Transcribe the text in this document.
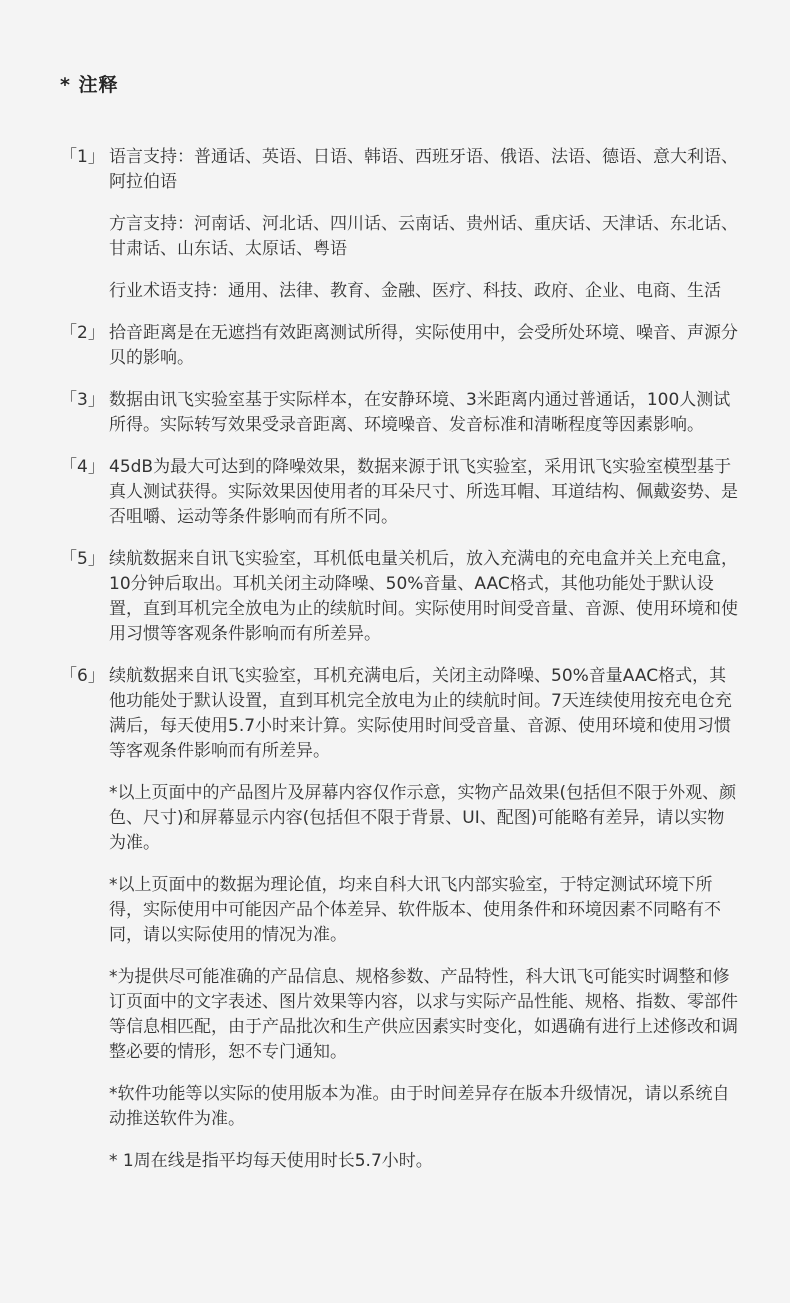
* 注释
「1」 语言支持：普通话、英语、日语、韩语、西班牙语、俄语、法语、德语、意大利语、阿拉伯语

方言支持：河南话、河北话、四川话、云南话、贵州话、重庆话、天津话、东北话、甘肃话、山东话、太原话、粤语

行业术语支持：通用、法律、教育、金融、医疗、科技、政府、企业、电商、生活

「2」 拾音距离是在无遮挡有效距离测试所得，实际使用中，会受所处环境、噪音、声源分贝的影响。

「3」 数据由讯飞实验室基于实际样本，在安静环境、3米距离内通过普通话，100人测试所得。实际转写效果受录音距离、环境噪音、发音标准和清晰程度等因素影响。

「4」 45dB为最大可达到的降噪效果，数据来源于讯飞实验室，采用讯飞实验室模型基于真人测试获得。实际效果因使用者的耳朵尺寸、所选耳帽、耳道结构、佩戴姿势、是否咀嚼、运动等条件影响而有所不同。

「5」 续航数据来自讯飞实验室，耳机低电量关机后，放入充满电的充电盒并关上充电盒，10分钟后取出。耳机关闭主动降噪、50%音量、AAC格式，其他功能处于默认设置，直到耳机完全放电为止的续航时间。实际使用时间受音量、音源、使用环境和使用习惯等客观条件影响而有所差异。

「6」 续航数据来自讯飞实验室，耳机充满电后，关闭主动降噪、50%音量AAC格式，其他功能处于默认设置，直到耳机完全放电为止的续航时间。7天连续使用按充电仓充满后，每天使用5.7小时来计算。实际使用时间受音量、音源、使用环境和使用习惯等客观条件影响而有所差异。

*以上页面中的产品图片及屏幕内容仅作示意，实物产品效果(包括但不限于外观、颜色、尺寸)和屏幕显示内容(包括但不限于背景、UI、配图)可能略有差异，请以实物为准。

*以上页面中的数据为理论值，均来自科大讯飞内部实验室，于特定测试环境下所得，实际使用中可能因产品个体差异、软件版本、使用条件和环境因素不同略有不同，请以实际使用的情况为准。

*为提供尽可能准确的产品信息、规格参数、产品特性，科大讯飞可能实时调整和修订页面中的文字表述、图片效果等内容，以求与实际产品性能、规格、指数、零部件等信息相匹配，由于产品批次和生产供应因素实时变化，如遇确有进行上述修改和调整必要的情形，恕不专门通知。

*软件功能等以实际的使用版本为准。由于时间差异存在版本升级情况，请以系统自动推送软件为准。

* 1周在线是指平均每天使用时长5.7小时。
